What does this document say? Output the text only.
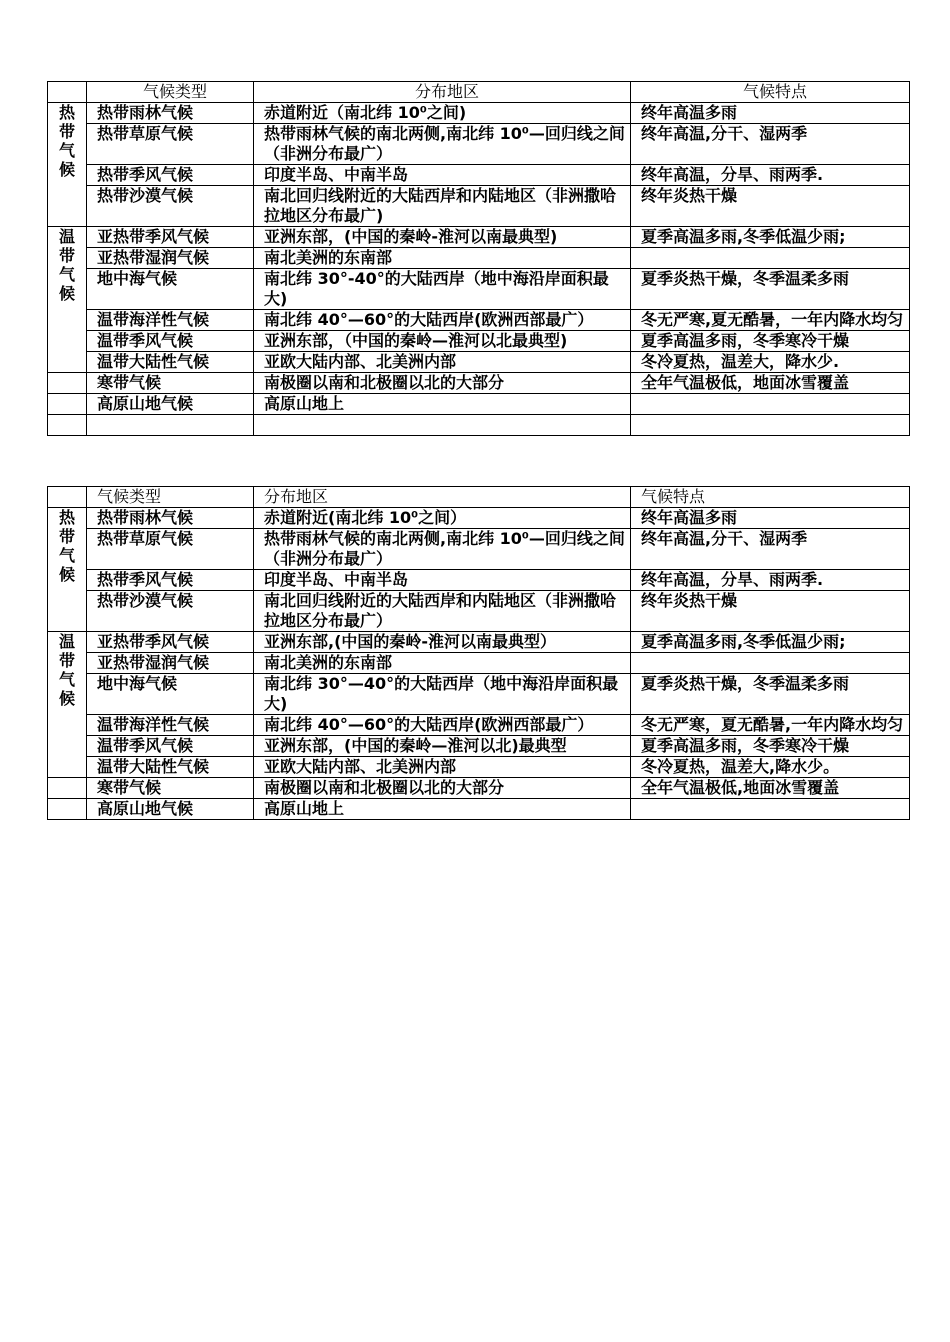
	气候类型	分布地区	气候特点

热带气候	热带雨林气候	赤道附近（南北纬 10⁰之间)	终年高温多雨
	热带草原气候	热带雨林气候的南北两侧,南北纬 10⁰—回归线之间（非洲分布最广）	终年高温,分干、湿两季
	热带季风气候	印度半岛、中南半岛	终年高温，分旱、雨两季.
	热带沙漠气候	南北回归线附近的大陆西岸和内陆地区（非洲撒哈拉地区分布最广)	终年炎热干燥

温带气候	亚热带季风气候	亚洲东部，(中国的秦岭-淮河以南最典型)	夏季高温多雨,冬季低温少雨;
	亚热带湿润气候	南北美洲的东南部	
	地中海气候	南北纬 30°-40°的大陆西岸（地中海沿岸面积最大)	夏季炎热干燥，冬季温柔多雨
	温带海洋性气候	南北纬 40°—60°的大陆西岸(欧洲西部最广）	冬无严寒,夏无酷暑，一年内降水均匀
	温带季风气候	亚洲东部，（中国的秦岭—淮河以北最典型)	夏季高温多雨，冬季寒冷干燥
	温带大陆性气候	亚欧大陆内部、北美洲内部	冬冷夏热，温差大，降水少.
	寒带气候	南极圈以南和北极圈以北的大部分	全年气温极低，地面冰雪覆盖
	高原山地气候	高原山地上	

	气候类型	分布地区	气候特点

热带气候	热带雨林气候	赤道附近(南北纬 10⁰之间）	终年高温多雨
	热带草原气候	热带雨林气候的南北两侧,南北纬 10⁰—回归线之间（非洲分布最广）	终年高温,分干、湿两季
	热带季风气候	印度半岛、中南半岛	终年高温，分旱、雨两季.
	热带沙漠气候	南北回归线附近的大陆西岸和内陆地区（非洲撒哈拉地区分布最广）	终年炎热干燥

温带气候	亚热带季风气候	亚洲东部,(中国的秦岭-淮河以南最典型）	夏季高温多雨,冬季低温少雨;
	亚热带湿润气候	南北美洲的东南部	
	地中海气候	南北纬 30°—40°的大陆西岸（地中海沿岸面积最大)	夏季炎热干燥，冬季温柔多雨
	温带海洋性气候	南北纬 40°—60°的大陆西岸(欧洲西部最广）	冬无严寒，夏无酷暑,一年内降水均匀
	温带季风气候	亚洲东部，(中国的秦岭—淮河以北)最典型	夏季高温多雨，冬季寒冷干燥
	温带大陆性气候	亚欧大陆内部、北美洲内部	冬冷夏热，温差大,降水少。
	寒带气候	南极圈以南和北极圈以北的大部分	全年气温极低,地面冰雪覆盖
	高原山地气候	高原山地上	
